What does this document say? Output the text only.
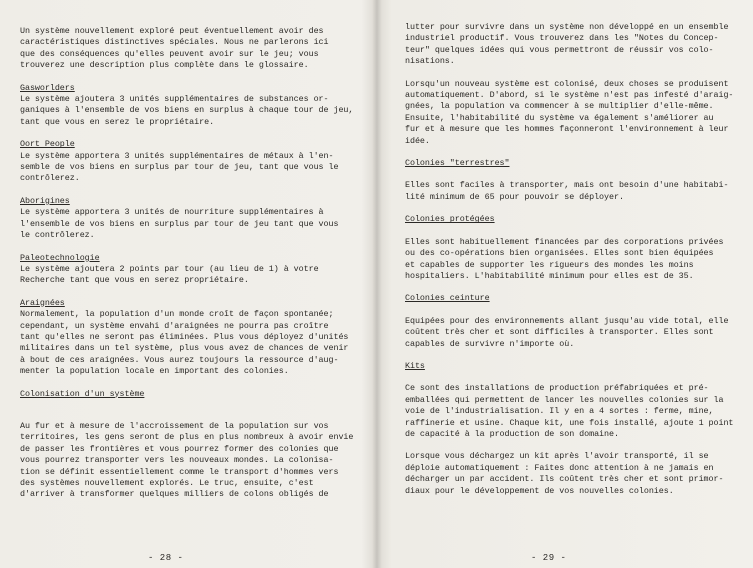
Un système nouvellement exploré peut éventuellement avoir des
caractéristiques distinctives spéciales. Nous ne parlerons ici
que des conséquences qu'elles peuvent avoir sur le jeu; vous
trouverez une description plus complète dans le glossaire.

Gasworlders
Le système ajoutera 3 unités supplémentaires de substances or-
ganiques à l'ensemble de vos biens en surplus à chaque tour de jeu,
tant que vous en serez le propriétaire.
Oort People
Le système apportera 3 unités supplémentaires de métaux à l'en-
semble de vos biens en surplus par tour de jeu, tant que vous le
contrôlerez.
Aborigines
Le système apportera 3 unités de nourriture supplémentaires à
l'ensemble de vos biens en surplus par tour de jeu tant que vous
le contrôlerez.
Paleotechnologie
Le système ajoutera 2 points par tour (au lieu de 1) à votre
Recherche tant que vous en serez propriétaire.
Araignées
Normalement, la population d'un monde croît de façon spontanée;
cependant, un système envahi d'araignées ne pourra pas croître
tant qu'elles ne seront pas éliminées. Plus vous déployez d'unités
militaires dans un tel système, plus vous avez de chances de venir
à bout de ces araignées. Vous aurez toujours la ressource d'aug-
menter la population locale en important des colonies.
Colonisation d'un système
Au fur et à mesure de l'accroissement de la population sur vos
territoires, les gens seront de plus en plus nombreux à avoir envie
de passer les frontières et vous pourrez former des colonies que
vous pourrez transporter vers les nouveaux mondes. La colonisa-
tion se définit essentiellement comme le transport d'hommes vers
des systèmes nouvellement explorés. Le truc, ensuite, c'est
d'arriver à transformer quelques milliers de colons obligés de
- 28 -

lutter pour survivre dans un système non développé en un ensemble
industriel productif. Vous trouverez dans les "Notes du Concep-
teur" quelques idées qui vous permettront de réussir vos colo-
nisations.

Lorsqu'un nouveau système est colonisé, deux choses se produisent
automatiquement. D'abord, si le système n'est pas infesté d'araig-
gnées, la population va commencer à se multiplier d'elle-même.
Ensuite, l'habitabilité du système va également s'améliorer au
fur et à mesure que les hommes façonneront l'environnement à leur
idée.

Colonies "terrestres"
Elles sont faciles à transporter, mais ont besoin d'une habitabi-
lité minimum de 65 pour pouvoir se déployer.
Colonies protégées
Elles sont habituellement financées par des corporations privées
ou des co-opérations bien organisées. Elles sont bien équipées
et capables de supporter les rigueurs des mondes les moins
hospitaliers. L'habitabilité minimum pour elles est de 35.
Colonies ceinture
Equipées pour des environnements allant jusqu'au vide total, elle
coûtent très cher et sont difficiles à transporter. Elles sont
capables de survivre n'importe où.
Kits
Ce sont des installations de production préfabriquées et pré-
emballées qui permettent de lancer les nouvelles colonies sur la
voie de l'industrialisation. Il y en a 4 sortes : ferme, mine,
raffinerie et usine. Chaque kit, une fois installé, ajoute 1 point
de capacité à la production de son domaine.

Lorsque vous déchargez un kit après l'avoir transporté, il se
déploie automatiquement : Faites donc attention à ne jamais en
décharger un par accident. Ils coûtent très cher et sont primor-
diaux pour le développement de vos nouvelles colonies.

- 29 -
